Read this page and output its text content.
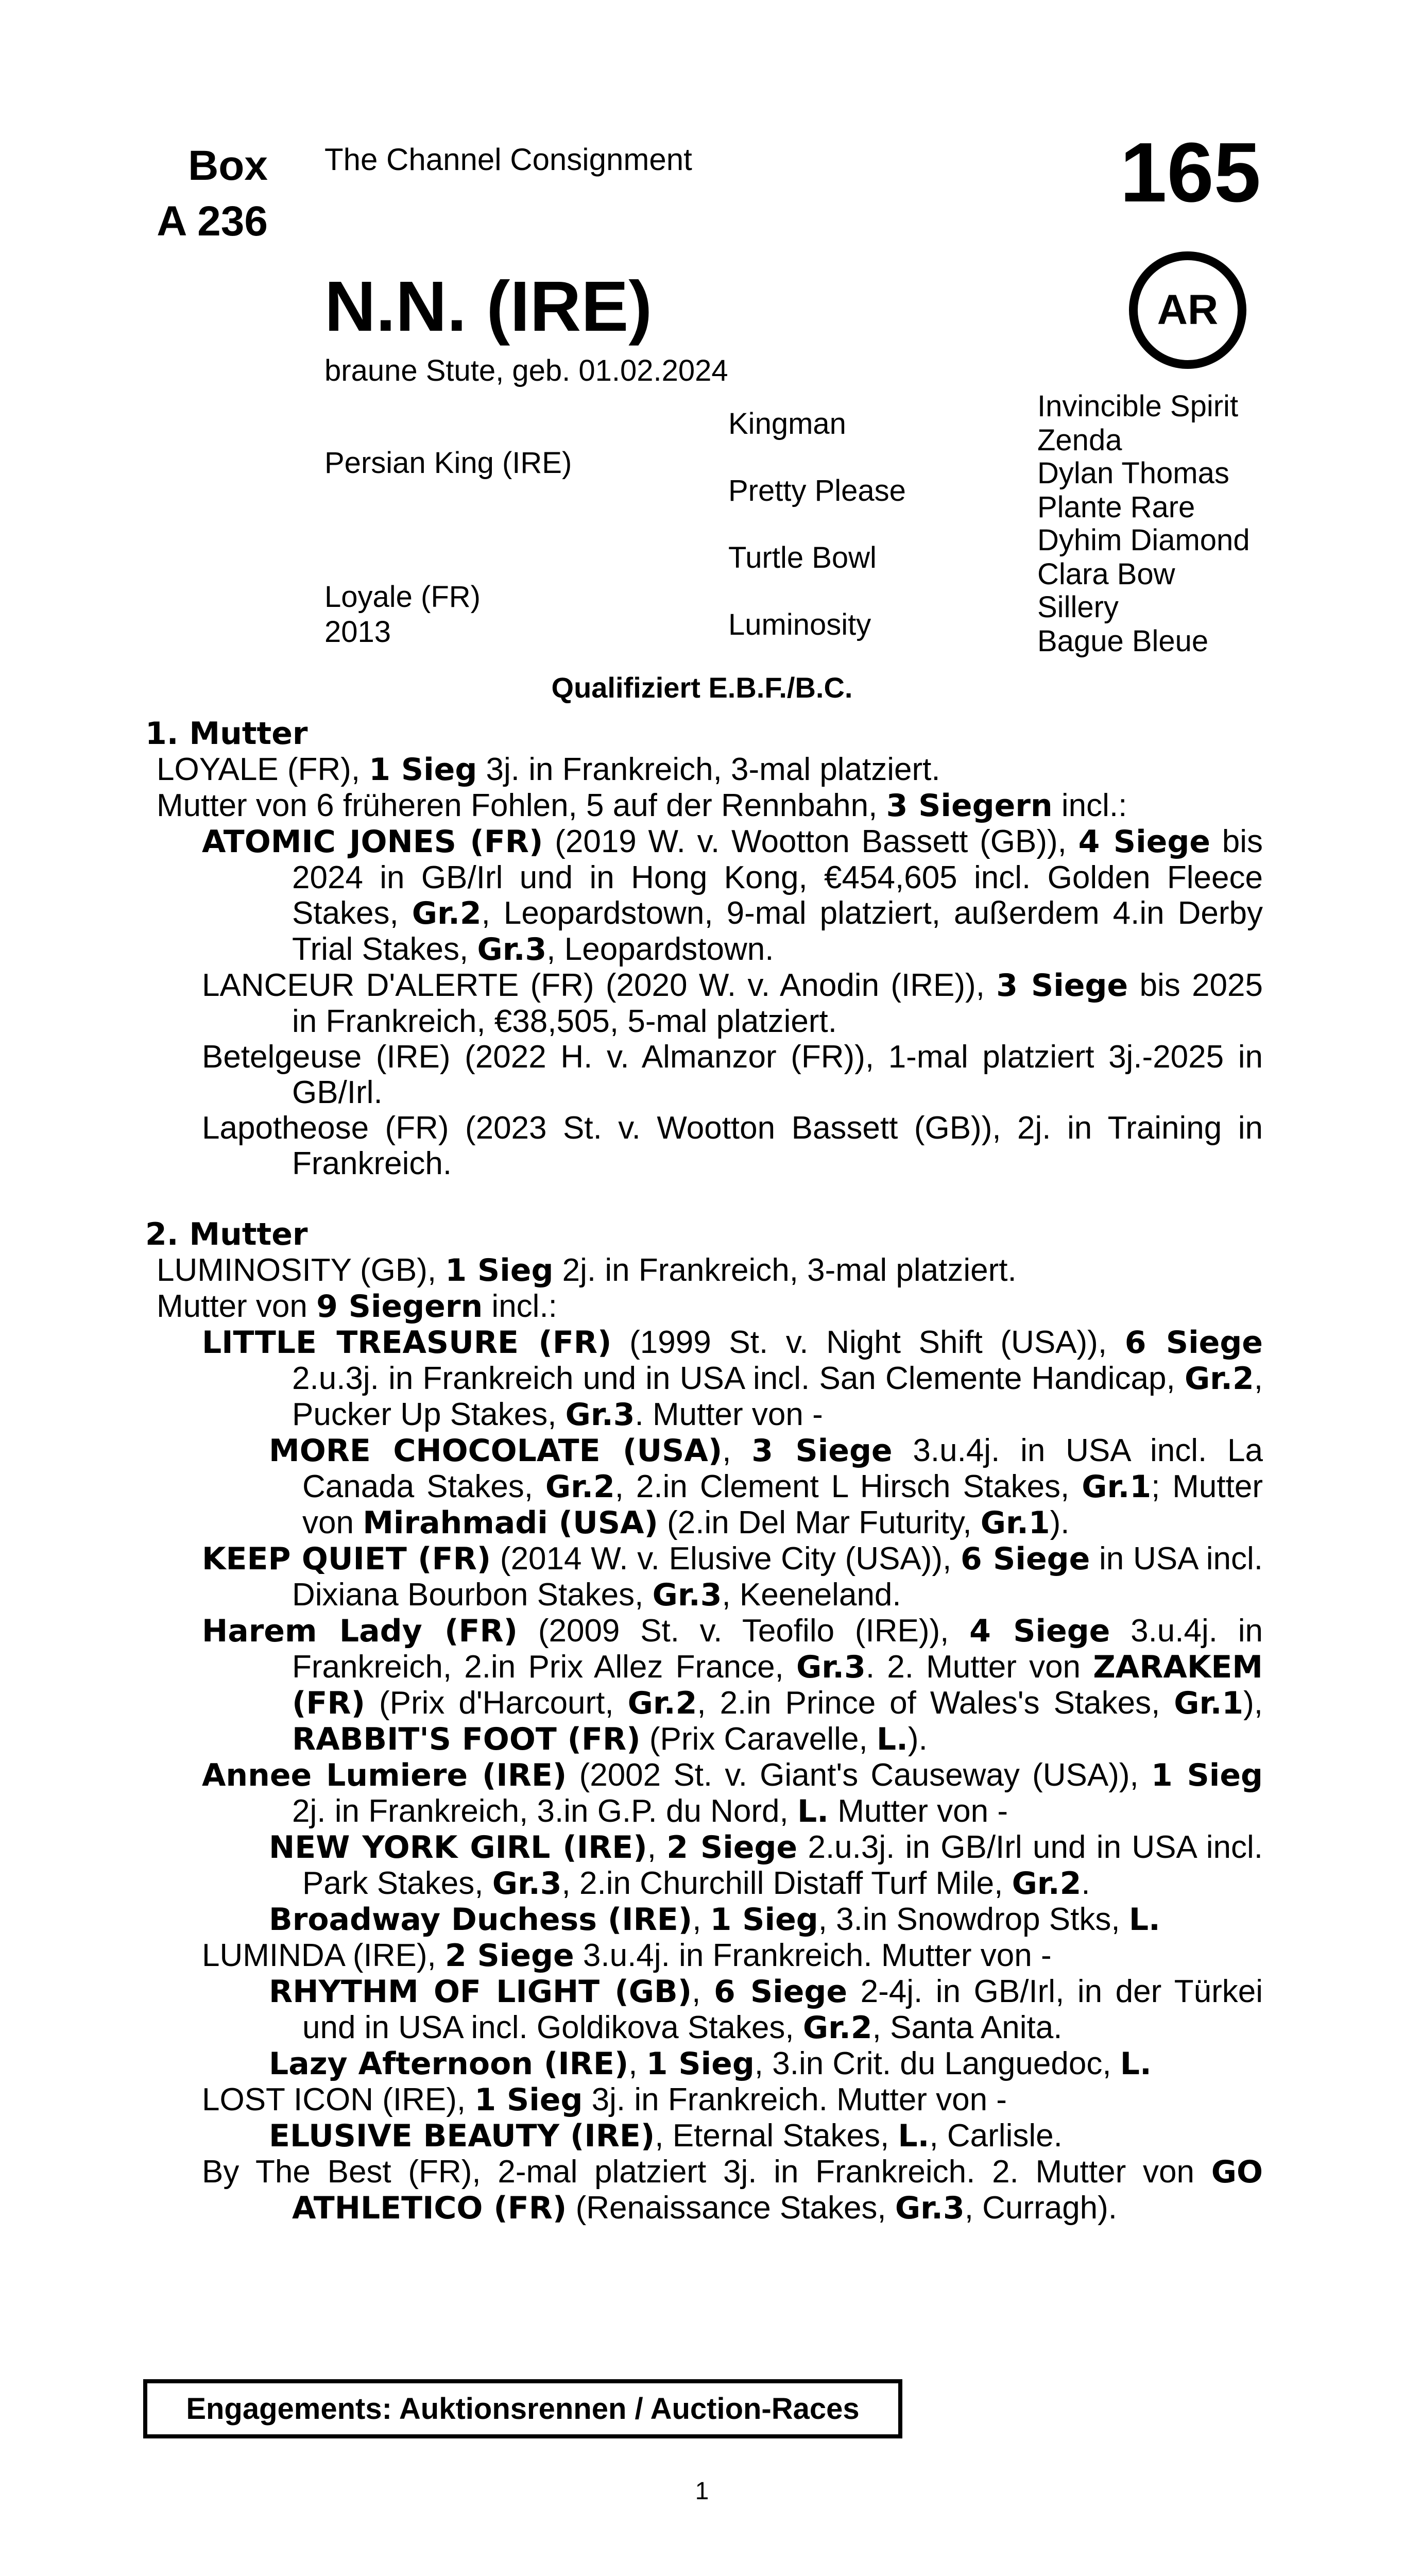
Box
A 236
The Channel Consignment	165
AR
N.N. (IRE)
braune Stute, geb. 01.02.2024
Persian King (IRE)
Loyale (FR)
2013
Kingman
Pretty Please
Turtle Bowl
Luminosity
Invincible Spirit
Zenda
Dylan Thomas
Plante Rare
Dyhim Diamond
Clara Bow
Sillery
Bague Bleue
Qualifiziert E.B.F./B.C.
1. Mutter
LOYALE (FR), 1 Sieg 3j. in Frankreich, 3-mal platziert.
Mutter von 6 früheren Fohlen, 5 auf der Rennbahn, 3 Siegern incl.:
ATOMIC JONES (FR) (2019 W. v. Wootton Bassett (GB)), 4 Siege bis 2024 in GB/Irl und in Hong Kong, €454,605 incl. Golden Fleece Stakes, Gr.2, Leopardstown, 9-mal platziert, außerdem 4.in Derby Trial Stakes, Gr.3, Leopardstown.
LANCEUR D'ALERTE (FR) (2020 W. v. Anodin (IRE)), 3 Siege bis 2025 in Frankreich, €38,505, 5-mal platziert.
Betelgeuse (IRE) (2022 H. v. Almanzor (FR)), 1-mal platziert 3j.-2025 in GB/Irl.
Lapotheose (FR) (2023 St. v. Wootton Bassett (GB)), 2j. in Training in Frankreich.
2. Mutter
LUMINOSITY (GB), 1 Sieg 2j. in Frankreich, 3-mal platziert.
Mutter von 9 Siegern incl.:
LITTLE TREASURE (FR) (1999 St. v. Night Shift (USA)), 6 Siege 2.u.3j. in Frankreich und in USA incl. San Clemente Handicap, Gr.2, Pucker Up Stakes, Gr.3. Mutter von -
MORE CHOCOLATE (USA), 3 Siege 3.u.4j. in USA incl. La Canada Stakes, Gr.2, 2.in Clement L Hirsch Stakes, Gr.1; Mutter von Mirahmadi (USA) (2.in Del Mar Futurity, Gr.1).
KEEP QUIET (FR) (2014 W. v. Elusive City (USA)), 6 Siege in USA incl. Dixiana Bourbon Stakes, Gr.3, Keeneland.
Harem Lady (FR) (2009 St. v. Teofilo (IRE)), 4 Siege 3.u.4j. in Frankreich, 2.in Prix Allez France, Gr.3. 2. Mutter von ZARAKEM (FR) (Prix d'Harcourt, Gr.2, 2.in Prince of Wales's Stakes, Gr.1), RABBIT'S FOOT (FR) (Prix Caravelle, L.).
Annee Lumiere (IRE) (2002 St. v. Giant's Causeway (USA)), 1 Sieg 2j. in Frankreich, 3.in G.P. du Nord, L. Mutter von -
NEW YORK GIRL (IRE), 2 Siege 2.u.3j. in GB/Irl und in USA incl. Park Stakes, Gr.3, 2.in Churchill Distaff Turf Mile, Gr.2.
Broadway Duchess (IRE), 1 Sieg, 3.in Snowdrop Stks, L.
LUMINDA (IRE), 2 Siege 3.u.4j. in Frankreich. Mutter von -
RHYTHM OF LIGHT (GB), 6 Siege 2-4j. in GB/Irl, in der Türkei und in USA incl. Goldikova Stakes, Gr.2, Santa Anita.
Lazy Afternoon (IRE), 1 Sieg, 3.in Crit. du Languedoc, L.
LOST ICON (IRE), 1 Sieg 3j. in Frankreich. Mutter von -
ELUSIVE BEAUTY (IRE), Eternal Stakes, L., Carlisle.
By The Best (FR), 2-mal platziert 3j. in Frankreich. 2. Mutter von GO ATHLETICO (FR) (Renaissance Stakes, Gr.3, Curragh).
Engagements: Auktionsrennen / Auction-Races
1
